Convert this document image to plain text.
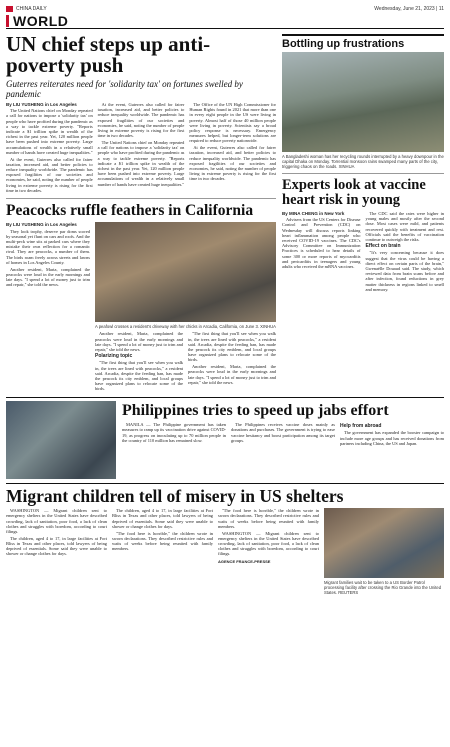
CHINA DAILY	Wednesday, June 21, 2023 | 11
WORLD
UN chief steps up anti-poverty push
Guterres reiterates need for 'solidarity tax' on fortunes swelled by pandemic
By LIU YUSHENG in Los Angeles

The United Nations chief on Monday repeated a call for nations to impose a 'solidarity tax' on people who have profited during the pandemic as a way to tackle extreme poverty. "Reports indicate a $1 trillion spike in wealth of the richest in the past year. Yet, 120 million people have been pushed into extreme poverty. Large accumulations of wealth in a relatively small number of hands have created huge inequalities."

At the event, Guterres also called for fairer taxation, increased aid, and better policies to reduce inequality worldwide. The pandemic has exposed fragilities of our societies and economies, he said, noting the number of people living in extreme poverty is rising for the first time in two decades.

At the event, Guterres also called for fairer taxation, increased aid, and better policies to reduce inequality worldwide. The pandemic has exposed fragilities of our societies and economies, he said, noting the number of people living in extreme poverty is rising for the first time in two decades.

The United Nations chief on Monday repeated a call for nations to impose a 'solidarity tax' on people who have profited during the pandemic as a way to tackle extreme poverty. "Reports indicate a $1 trillion spike in wealth of the richest in the past year. Yet, 120 million people have been pushed into extreme poverty. Large accumulations of wealth in a relatively small number of hands have created huge inequalities."

The Office of the UN High Commissioner for Human Rights found in 2021 that more than one in every eight people in the US were living in poverty. Almost half of those 40 million people were living in poverty. Scientists say a broad policy response is necessary. Emergency measures helped, but longer-term solutions are required to reduce poverty nationwide.

At the event, Guterres also called for fairer taxation, increased aid, and better policies to reduce inequality worldwide. The pandemic has exposed fragilities of our societies and economies, he said, noting the number of people living in extreme poverty is rising for the first time in two decades.

Peacocks ruffle feathers in California
By LIU YUSHENG in Los Angeles

They look trophy, deserve par doms scored by seasonal yet flunt on cars and roofs. And the multi-peck wine sits at parked cars where they mistake their own reflection for a romantic rival. They are peacocks, a number of them. The birds roam freely across streets and lawns of homes in Los Angeles County.

Another resident, Maria, complained the peacocks were loud in the early mornings and late days. "I spend a lot of money just to trim and repair," she told the news.

A peafowl crosses a resident's driveway with her chicks in Arcadia, California, on June 3. XINHUA

Another resident, Maria, complained the peacocks were loud in the early mornings and late days. "I spend a lot of money just to trim and repair," she told the news.

Polarizing topic

"The first thing that you'll see when you walk in, the trees are lined with peacocks," a resident said. Arcadia, despite the feeding ban, has made the peacock its city emblem, and local groups have organized plans to relocate some of the birds.

"The first thing that you'll see when you walk in, the trees are lined with peacocks," a resident said. Arcadia, despite the feeding ban, has made the peacock its city emblem, and local groups have organized plans to relocate some of the birds.

Another resident, Maria, complained the peacocks were loud in the early mornings and late days. "I spend a lot of money just to trim and repair," she told the news.

Bottling up frustrations
A Bangladeshi woman has her recycling rounds interrupted by a heavy downpour in the capital Dhaka on Monday. Torrential monsoon rains swamped many parts of the city, triggering chaos on the roads. XINHUA
Experts look at vaccine heart risk in young
By MINA CHENG in New York

Advisers from the US Centers for Disease Control and Prevention (CDC) on Wednesday will discuss reports linking heart inflammation among people who received COVID-19 vaccines. The CDC's Advisory Committee on Immunization Practices is scheduled to hear details of some 300 or more reports of myocarditis and pericarditis in teenagers and young adults who received the mRNA vaccines.

The CDC said the rates were higher in young males and mostly after the second dose. Most cases were mild, and patients recovered quickly with treatment and rest. Officials said the benefits of vaccination continue to outweigh the risks.

Effect on brain

"It's very concerning because it does suggest that the virus could be having a direct effect on certain parts of the brain," Gwenaëlle Douaud said. The study, which reviewed data from brain scans before and after infection, found reductions in grey matter thickness in regions linked to smell and memory.

Philippines tries to speed up jabs effort

MANILA — The Philippine government has taken measures to ramp up its vaccination drive against COVID-19, as progress on inoculating up to 70 million people in the country of 110 million has remained slow.

The Philippines receives vaccine doses mainly as donations and purchases. The government is trying to ease vaccine hesitancy and boost participation among its target groups.

Help from abroad

The government has expanded the booster campaign to include more age groups and has received donations from partners including China, the US and Japan.

Migrant children tell of misery in US shelters

WASHINGTON — Migrant children sent to emergency shelters in the United States have described crowding, lack of sanitation, poor food, a lack of clean clothes and struggles with boredom, according to court filings.

The children, aged 4 to 17, in large facilities at Fort Bliss in Texas and other places, told lawyers of being deprived of essentials. Some said they were unable to shower or change clothes for days.

The children, aged 4 to 17, in large facilities at Fort Bliss in Texas and other places, told lawyers of being deprived of essentials. Some said they were unable to shower or change clothes for days.

"The food here is horrible," the children wrote in sworn declarations. They described restrictive rules and waits of weeks before being reunited with family members.

"The food here is horrible," the children wrote in sworn declarations. They described restrictive rules and waits of weeks before being reunited with family members.

WASHINGTON — Migrant children sent to emergency shelters in the United States have described crowding, lack of sanitation, poor food, a lack of clean clothes and struggles with boredom, according to court filings.

AGENCE FRANCE-PRESSE
Migrant families wait to be taken to a US Border Patrol processing facility after crossing the Rio Grande into the United States. REUTERS
